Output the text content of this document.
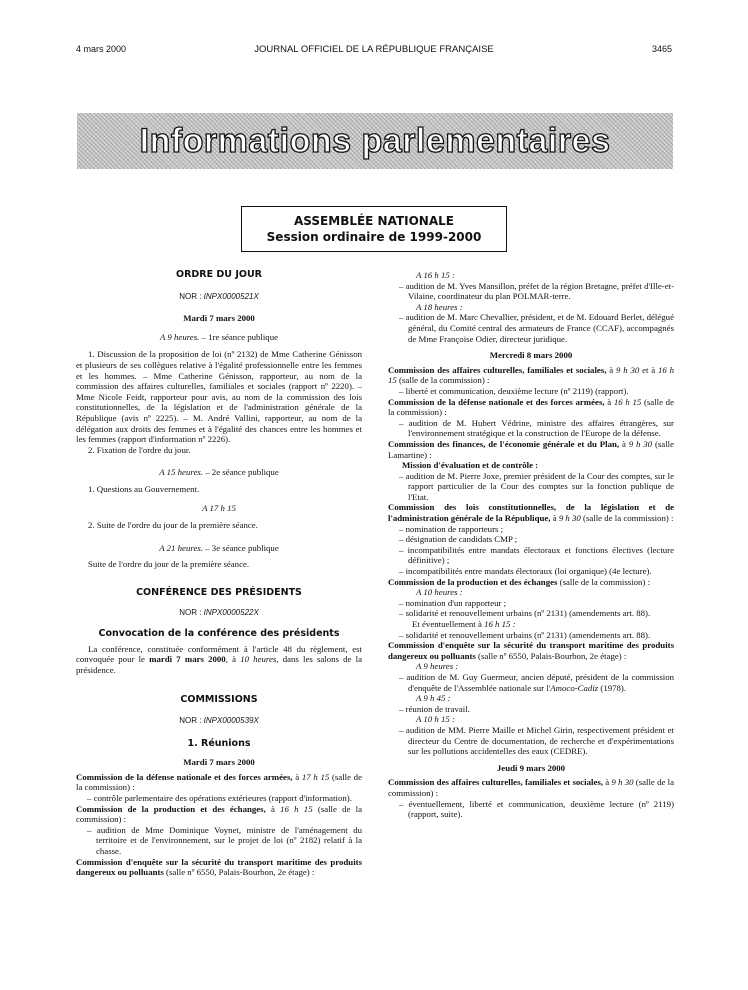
4 mars 2000	JOURNAL OFFICIEL DE LA RÉPUBLIQUE FRANÇAISE	3465
Informations parlementaires
ASSEMBLÉE NATIONALE
Session ordinaire de 1999-2000

ORDRE DU JOUR

NOR : INPX0000521X

Mardi 7 mars 2000

A 9 heures. – 1re séance publique

1. Discussion de la proposition de loi (nº 2132) de Mme Catherine Génisson et plusieurs de ses collègues relative à l'égalité professionnelle entre les femmes et les hommes. – Mme Catherine Génisson, rapporteur, au nom de la commission des affaires culturelles, familiales et sociales (rapport nº 2220). – Mme Nicole Feidt, rapporteur pour avis, au nom de la commission des lois constitutionnelles, de la législation et de l'administration générale de la République (avis nº 2225). – M. André Vallini, rapporteur, au nom de la délégation aux droits des femmes et à l'égalité des chances entre les hommes et les femmes (rapport d'information nº 2226).

2. Fixation de l'ordre du jour.

A 15 heures. – 2e séance publique

1. Questions au Gouvernement.

A 17 h 15

2. Suite de l'ordre du jour de la première séance.

A 21 heures. – 3e séance publique

Suite de l'ordre du jour de la première séance.

CONFÉRENCE DES PRÉSIDENTS

NOR : INPX0000522X

Convocation de la conférence des présidents

La conférence, constituée conformément à l'article 48 du règlement, est convoquée pour le mardi 7 mars 2000, à 10 heures, dans les salons de la présidence.

COMMISSIONS

NOR : INPX0000539X

1. Réunions

Mardi 7 mars 2000

Commission de la défense nationale et des forces armées, à 17 h 15 (salle de la commission) :

– contrôle parlementaire des opérations extérieures (rapport d'information).

Commission de la production et des échanges, à 16 h 15 (salle de la commission) :

– audition de Mme Dominique Voynet, ministre de l'aménagement du territoire et de l'environnement, sur le projet de loi (nº 2182) relatif à la chasse.

Commission d'enquête sur la sécurité du transport maritime des produits dangereux ou polluants (salle nº 6550, Palais-Bourbon, 2e étage) :

A 16 h 15 :

– audition de M. Yves Mansillon, préfet de la région Bretagne, préfet d'Ille-et-Vilaine, coordinateur du plan POLMAR-terre.

A 18 heures :

– audition de M. Marc Chevallier, président, et de M. Edouard Berlet, délégué général, du Comité central des armateurs de France (CCAF), accompagnés de Mme Françoise Odier, directeur juridique.

Mercredi 8 mars 2000

Commission des affaires culturelles, familiales et sociales, à 9 h 30 et à 16 h 15 (salle de la commission) :

– liberté et communication, deuxième lecture (nº 2119) (rapport).

Commission de la défense nationale et des forces armées, à 16 h 15 (salle de la commission) :

– audition de M. Hubert Védrine, ministre des affaires étrangères, sur l'environnement stratégique et la construction de l'Europe de la défense.

Commission des finances, de l'économie générale et du Plan, à 9 h 30 (salle Lamartine) :

Mission d'évaluation et de contrôle :

– audition de M. Pierre Joxe, premier président de la Cour des comptes, sur le rapport particulier de la Cour des comptes sur la fonction publique de l'Etat.

Commission des lois constitutionnelles, de la législation et de l'administration générale de la République, à 9 h 30 (salle de la commission) :

– nomination de rapporteurs ;

– désignation de candidats CMP ;

– incompatibilités entre mandats électoraux et fonctions électives (lecture définitive) ;

– incompatibilités entre mandats électoraux (loi organique) (4e lecture).

Commission de la production et des échanges (salle de la commission) :

A 10 heures :

– nomination d'un rapporteur ;

– solidarité et renouvellement urbains (nº 2131) (amendements art. 88).

Et éventuellement à 16 h 15 :

– solidarité et renouvellement urbains (nº 2131) (amendements art. 88).

Commission d'enquête sur la sécurité du transport maritime des produits dangereux ou polluants (salle nº 6550, Palais-Bourbon, 2e étage) :

A 9 heures :

– audition de M. Guy Guermeur, ancien député, président de la commission d'enquête de l'Assemblée nationale sur l'Amoco-Cadiz (1978).

A 9 h 45 :

– réunion de travail.

A 10 h 15 :

– audition de MM. Pierre Maille et Michel Girin, respectivement président et directeur du Centre de documentation, de recherche et d'expérimentations sur les pollutions accidentelles des eaux (CEDRE).

Jeudi 9 mars 2000

Commission des affaires culturelles, familiales et sociales, à 9 h 30 (salle de la commission) :

– éventuellement, liberté et communication, deuxième lecture (nº 2119) (rapport, suite).
